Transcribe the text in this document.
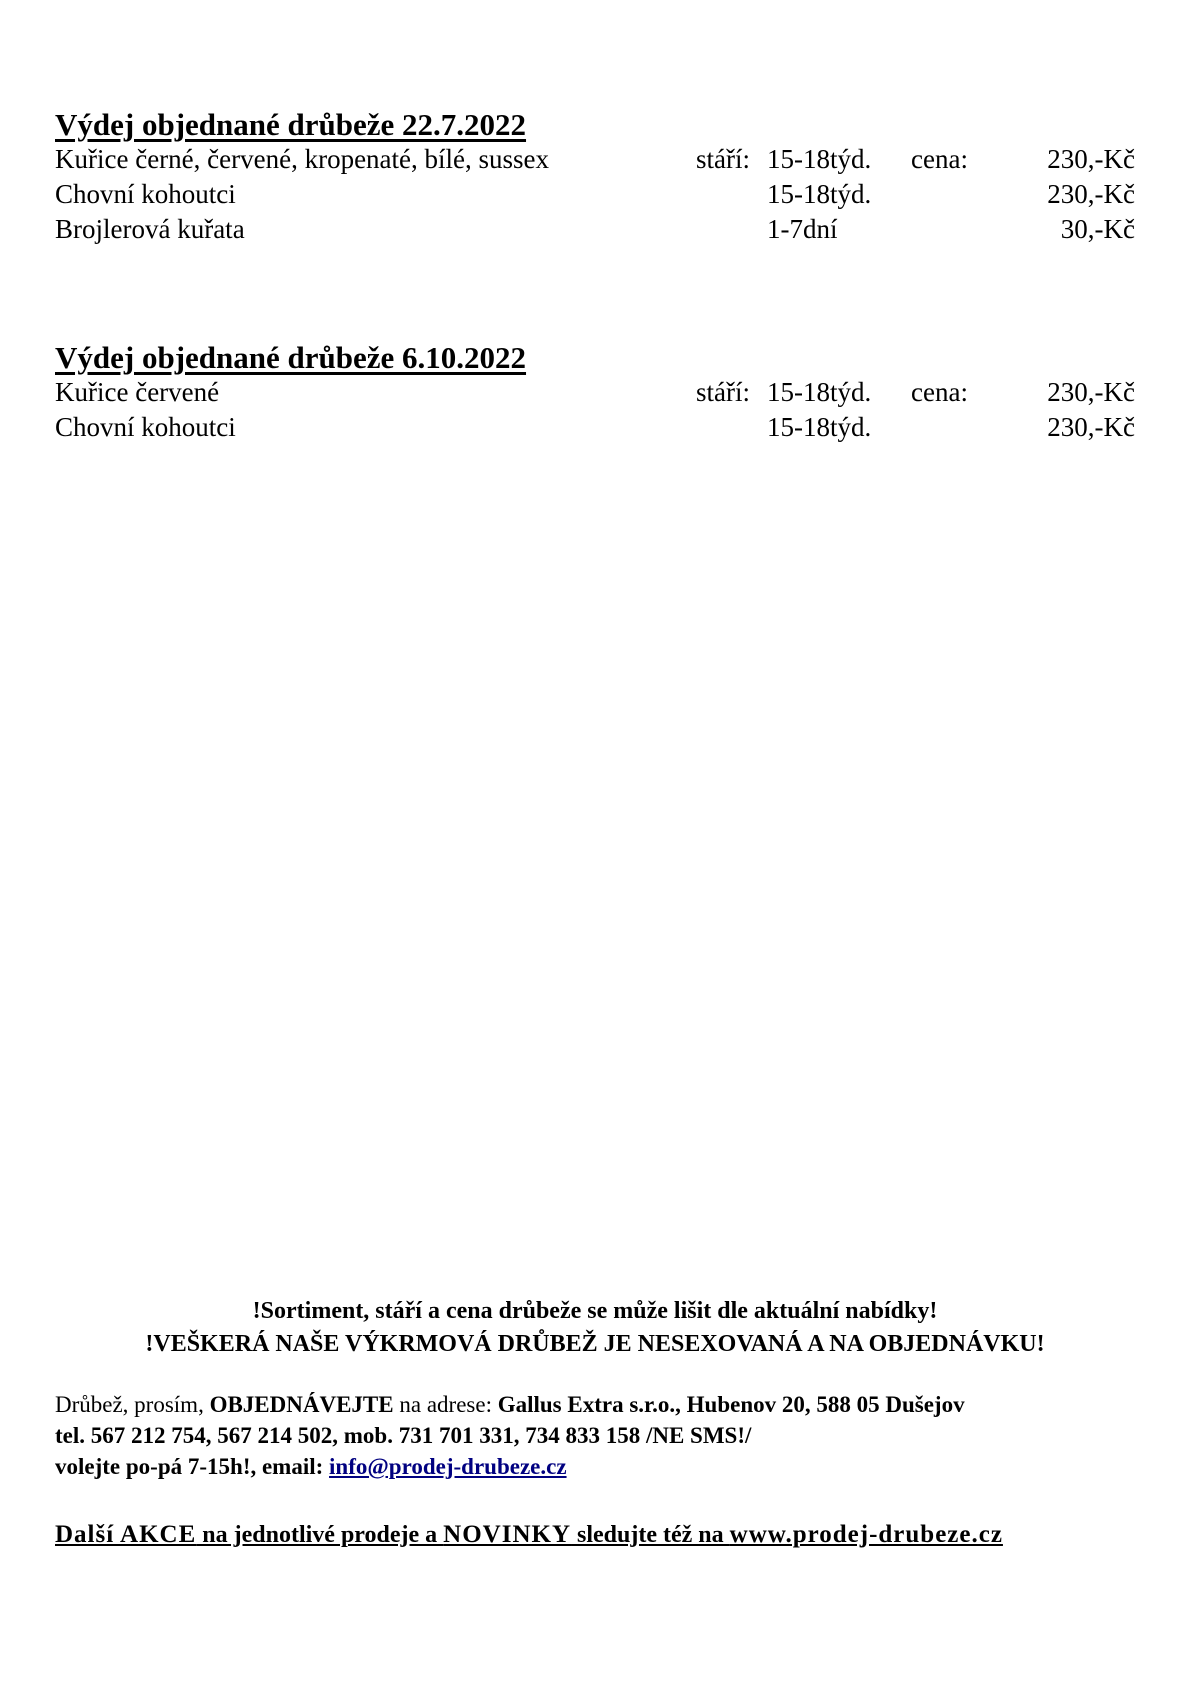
Výdej objednané drůbeže 22.7.2022
Kuřice černé, červené, kropenaté, bílé, sussex	stáří: 15-18týd. cena:	230,-Kč
Chovní kohoutci	15-18týd.	230,-Kč
Brojlerová kuřata	1-7dní	30,-Kč
Výdej objednané drůbeže 6.10.2022
Kuřice červené	stáří: 15-18týd. cena:	230,-Kč
Chovní kohoutci	15-18týd.	230,-Kč
!Sortiment, stáří a cena drůbeže se může lišit dle aktuální nabídky!
!VEŠKERÁ NAŠE VÝKRMOVÁ DRŮBEŽ JE NESEXOVANÁ A NA OBJEDNÁVKU!
Drůbež, prosím, OBJEDNÁVEJTE na adrese: Gallus Extra s.r.o., Hubenov 20, 588 05 Dušejov
tel. 567 212 754, 567 214 502, mob. 731 701 331, 734 833 158 /NE SMS!/
volejte po-pá 7-15h!, email: info@prodej-drubeze.cz
Další AKCE na jednotlivé prodeje a NOVINKY sledujte též na www.prodej-drubeze.cz
